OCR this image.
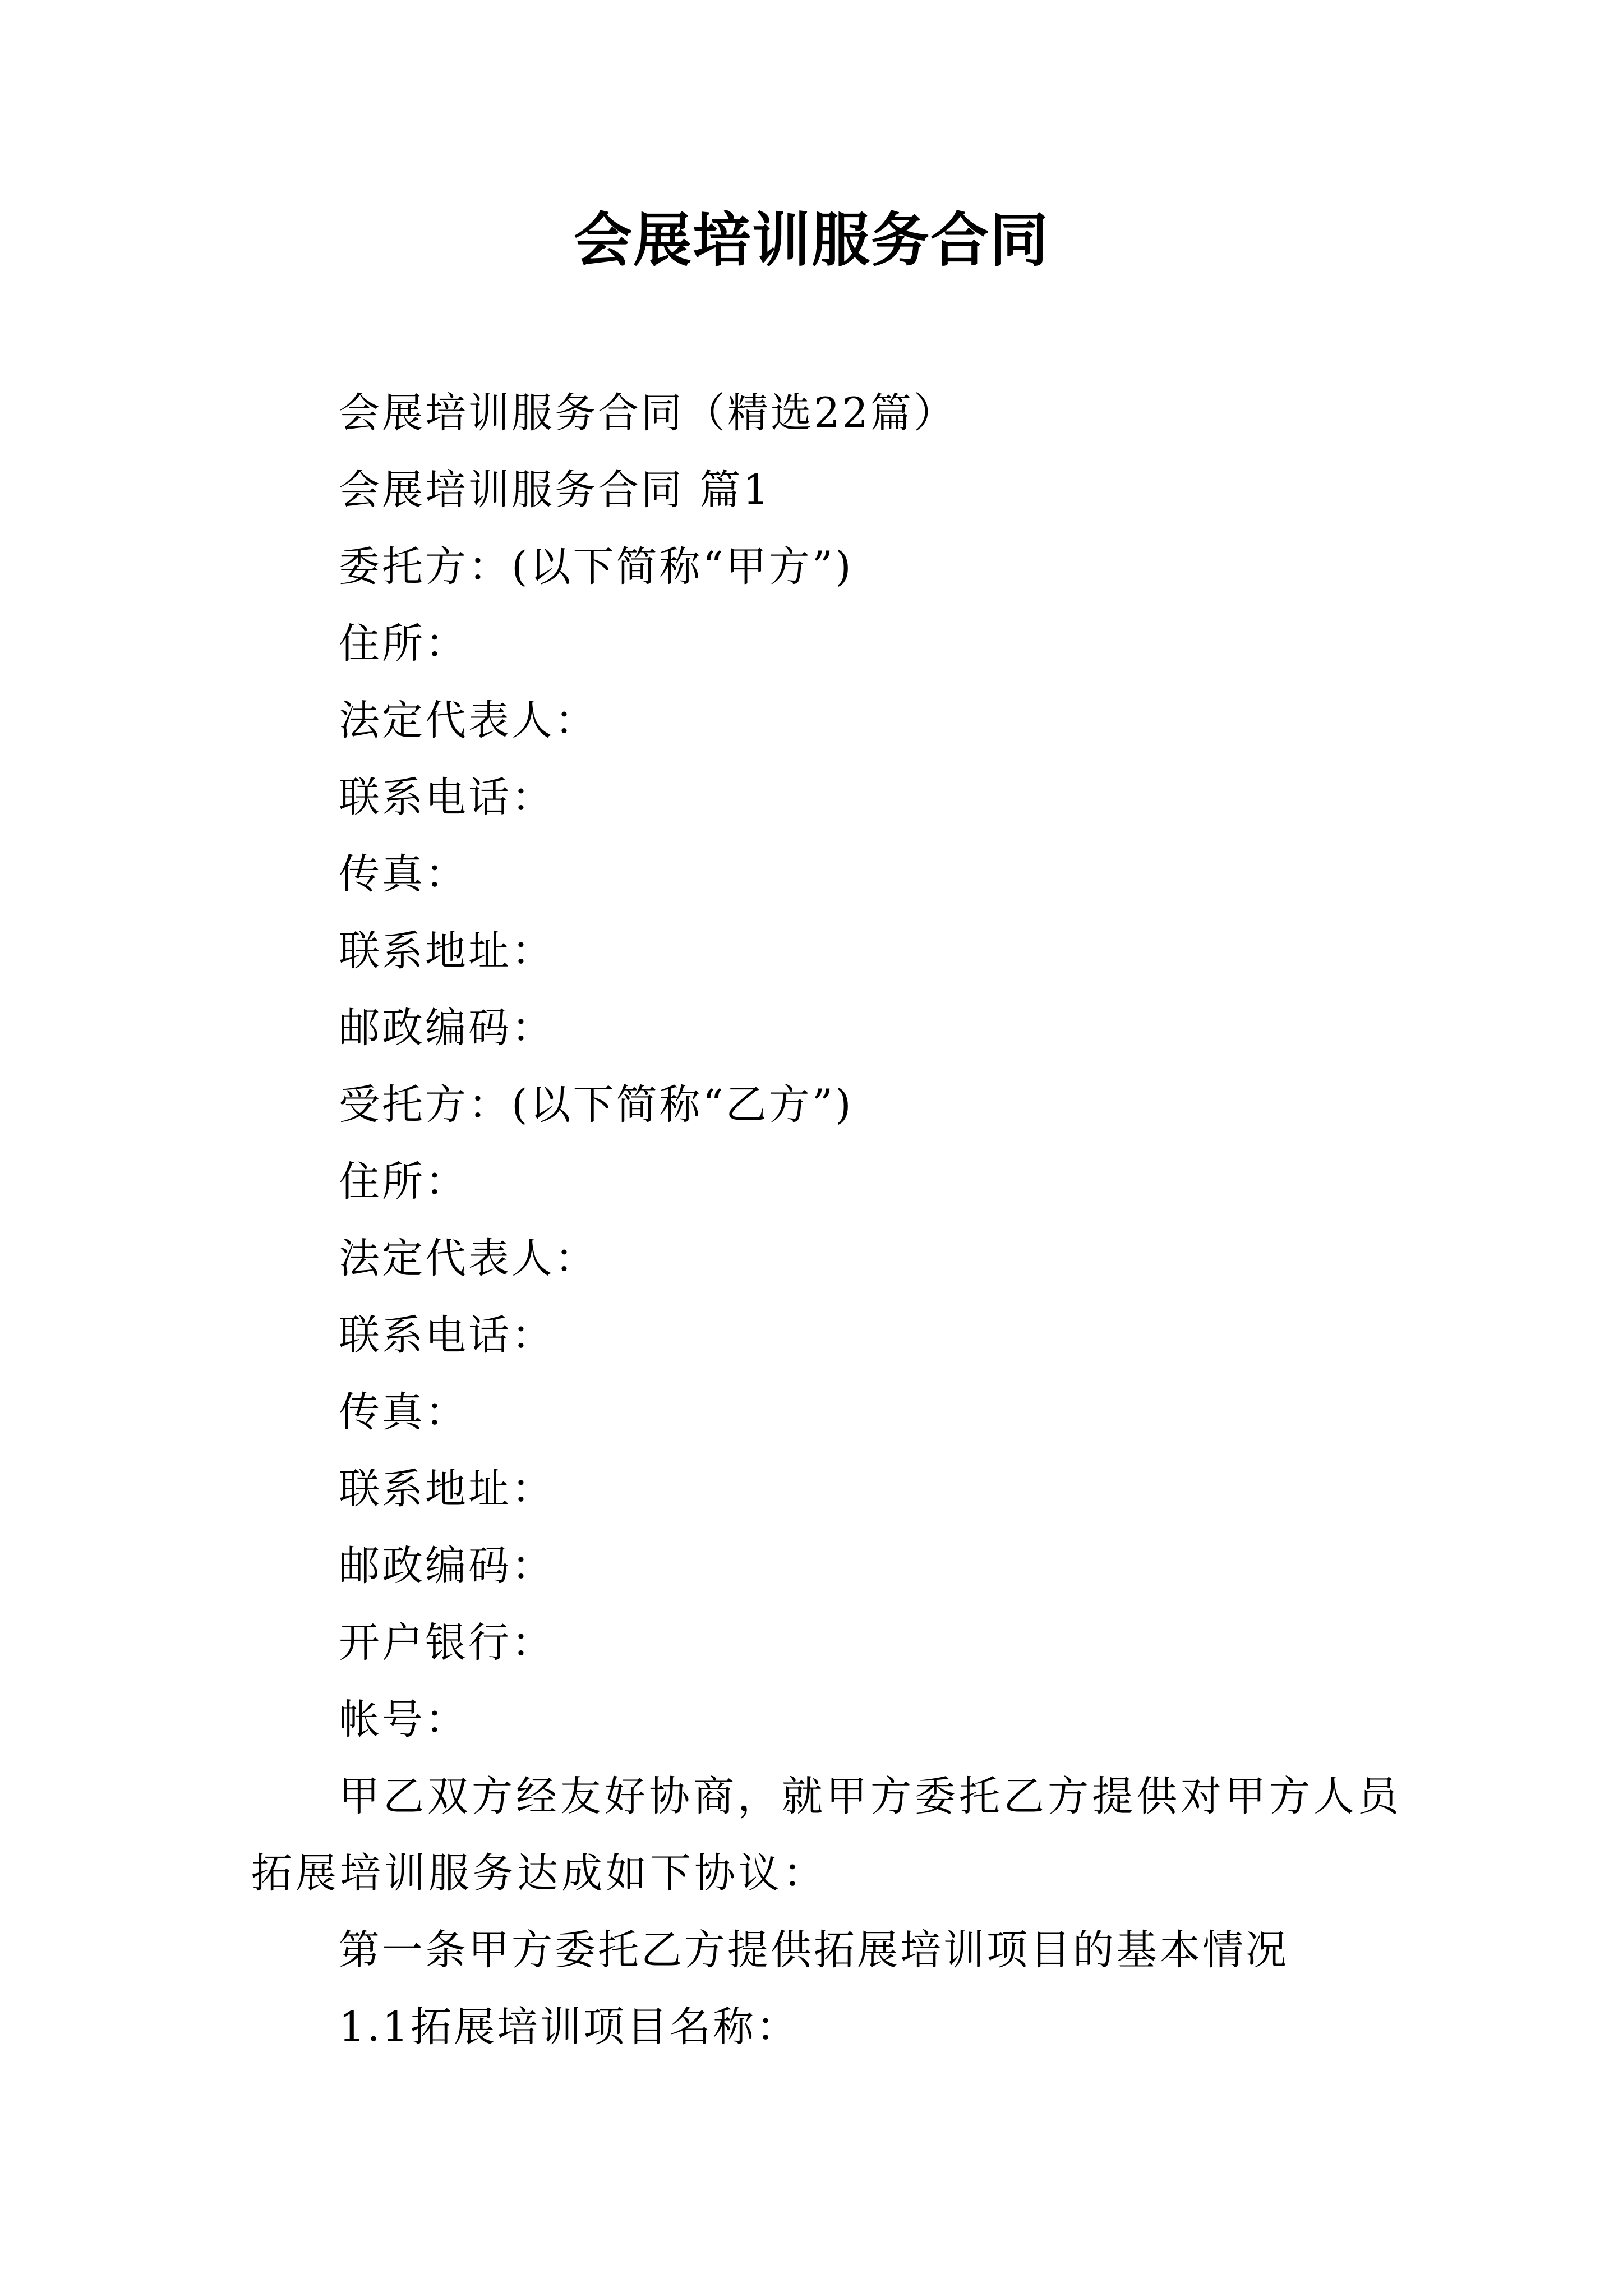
会展培训服务合同
会展培训服务合同（精选22篇）
会展培训服务合同 篇1
委托方：(以下简称“甲方”)
住所：
法定代表人：
联系电话：
传真：
联系地址：
邮政编码：
受托方：(以下简称“乙方”)
住所：
法定代表人：
联系电话：
传真：
联系地址：
邮政编码：
开户银行：
帐号：
甲乙双方经友好协商，就甲方委托乙方提供对甲方人员
拓展培训服务达成如下协议：
第一条甲方委托乙方提供拓展培训项目的基本情况
1.1拓展培训项目名称：
